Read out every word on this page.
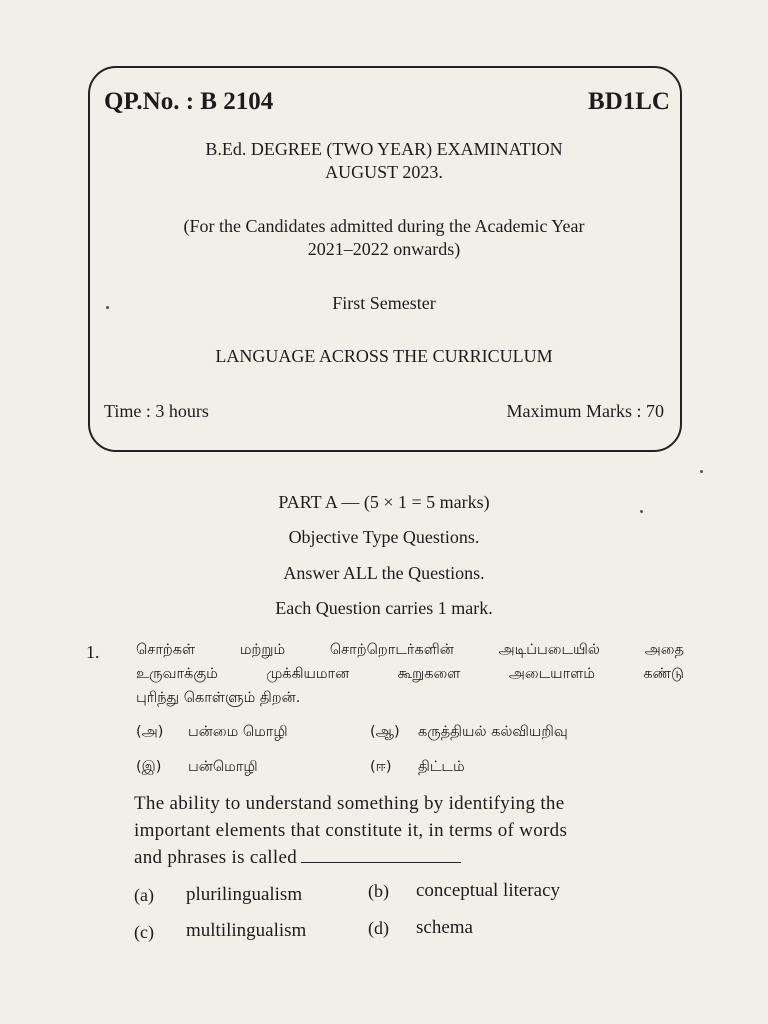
QP.No. : B 2104	BD1LC
B.Ed. DEGREE (TWO YEAR) EXAMINATION
AUGUST 2023.
(For the Candidates admitted during the Academic Year
2021–2022 onwards)
First Semester
LANGUAGE ACROSS THE CURRICULUM
Time : 3 hours	Maximum Marks : 70
PART A — (5 × 1 = 5 marks)
Objective Type Questions.
Answer ALL the Questions.
Each Question carries 1 mark.
1.	சொற்கள்	மற்றும்	சொற்றொடர்களின்	அடிப்படையில்	அதை
உருவாக்கும்	முக்கியமான	கூறுகளை	அடையாளம்	கண்டு
புரிந்து கொள்ளும் திறன்.
(அ) பன்மை மொழி	(ஆ) கருத்தியல் கல்வியறிவு
(இ) பன்மொழி	(ஈ) திட்டம்
The ability to understand something by identifying the
important elements that constitute it, in terms of words
and phrases is called
(a) plurilingualism	(b) conceptual literacy
(c) multilingualism	(d) schema
